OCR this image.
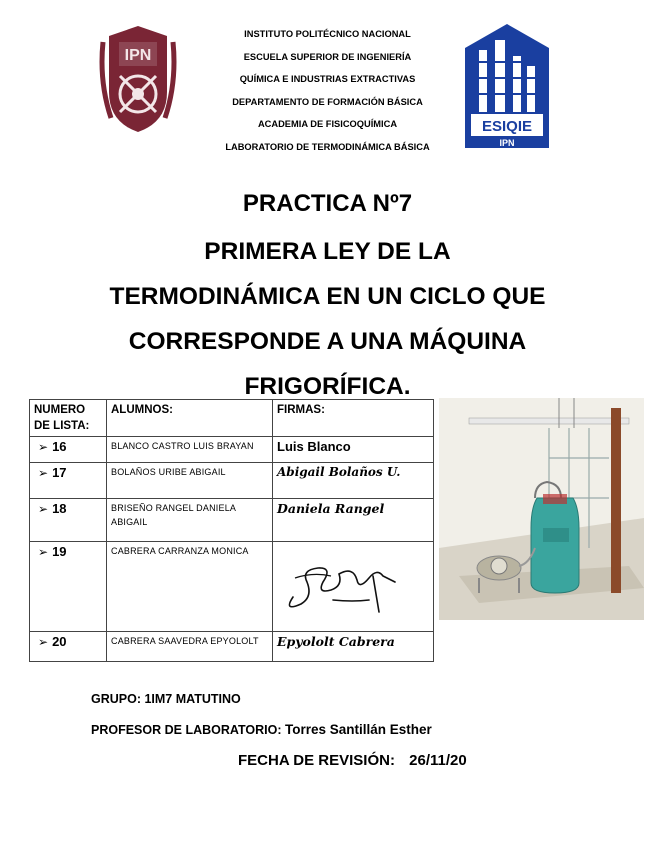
IPN
ESIQIE
IPN
INSTITUTO POLITÉCNICO NACIONAL
ESCUELA SUPERIOR DE INGENIERÍA
QUÍMICA E INDUSTRIAS EXTRACTIVAS
DEPARTAMENTO DE FORMACIÓN BÁSICA
ACADEMIA DE FISICOQUÍMICA
LABORATORIO DE TERMODINÁMICA BÁSICA
PRACTICA Nº7
PRIMERA LEY DE LA
TERMODINÁMICA EN UN CICLO QUE
CORRESPONDE A UNA MÁQUINA
FRIGORÍFICA.
NUMERO DE LISTA:	ALUMNOS:	FIRMAS:
➢ 16	BLANCO CASTRO LUIS BRAYAN	Luis Blanco
➢ 17	BOLAÑOS URIBE ABIGAIL	Abigail Bolaños U.
➢ 18	BRISEÑO RANGEL DANIELA ABIGAIL	Daniela Rangel
➢ 19	CABRERA CARRANZA MONICA	
➢ 20	CABRERA SAAVEDRA EPYOLOLT	Epyololt Cabrera
GRUPO: 1IM7 MATUTINO
PROFESOR DE LABORATORIO: Torres Santillán Esther
FECHA DE REVISIÓN: 26/11/20
